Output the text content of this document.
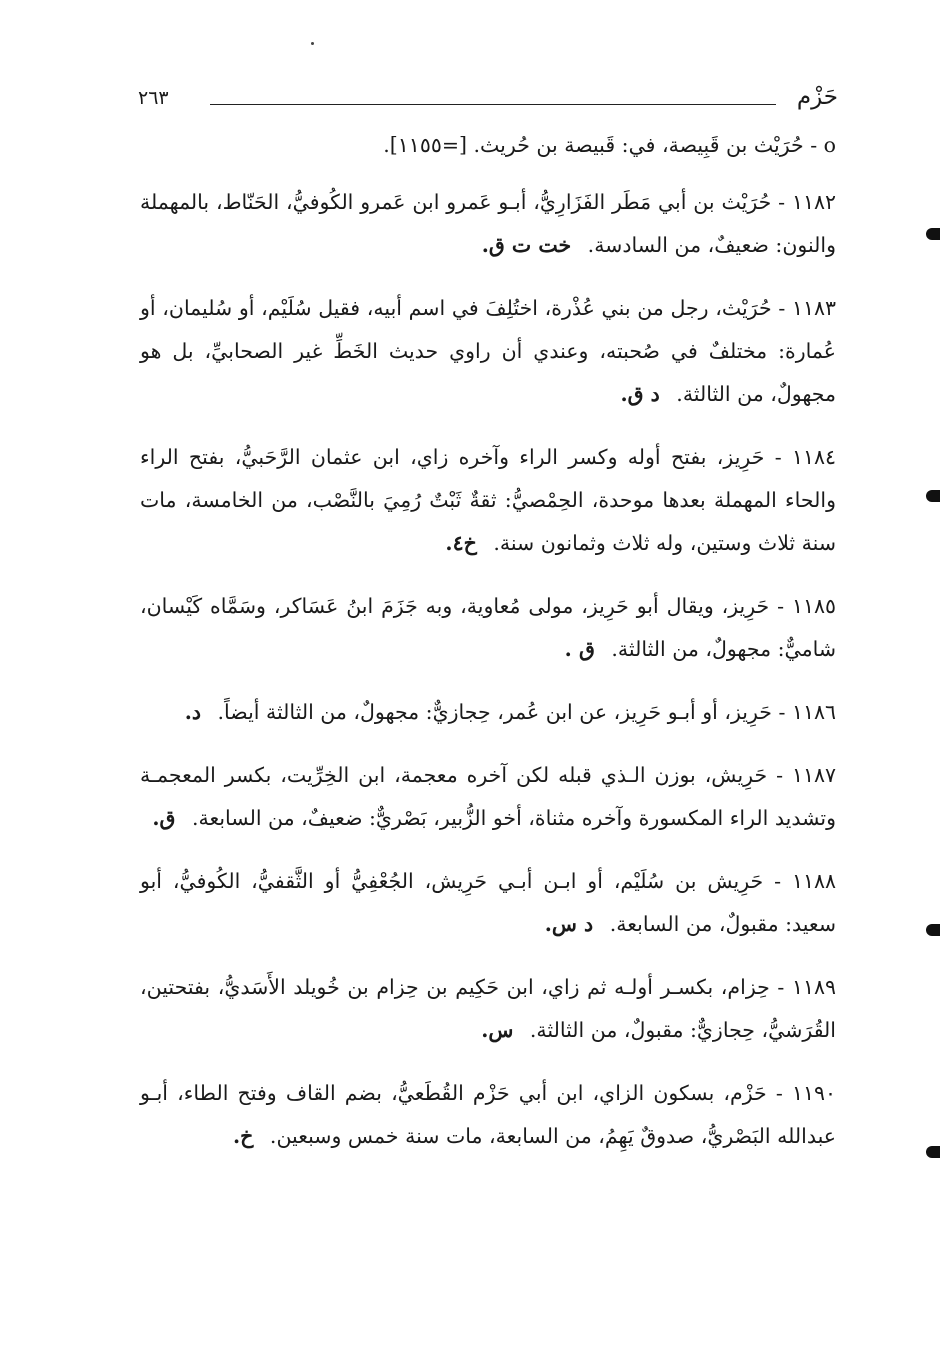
حَزْم
٢٦٣

ο - حُرَيْث بن قَبِيصة، في: قَبيصة بن حُريث. [=١١٥٥].

١١٨٢ - حُرَيْث بن أبي مَطَر الفَزَارِيُّ، أبـو عَمرو ابن عَمرو الكُوفيُّ، الحَنّاط، بالمهملة والنون: ضعيفٌ، من السادسة. خت ت ق.

١١٨٣ - حُرَيْث، رجل من بني عُذْرة، اختُلِفَ في اسم أبيه، فقيل سُلَيْم، أو سُليمان، أو عُمارة: مختلفٌ في صُحبته، وعندي أن راوي حديث الخَطِّ غير الصحابيِّ، بل هو مجهولٌ، من الثالثة. د ق.

١١٨٤ - حَرِيز، بفتح أوله وكسر الراء وآخره زاي، ابن عثمان الرَّحَبيُّ، بفتح الراء والحاء المهملة بعدها موحدة، الحِمْصيُّ: ثقةٌ ثَبْتٌ رُمِيَ بالنَّصْب، من الخامسة، مات سنة ثلاث وستين، وله ثلاث وثمانون سنة. خ٤.

١١٨٥ - حَرِيز، ويقال أبو حَرِيز، مولى مُعاوية، وبه جَزَمَ ابنُ عَسَاكر، وسَمَّاه كَيْسان، شاميٌّ: مجهولٌ، من الثالثة. ق .

١١٨٦ - حَرِيز، أو أبـو حَرِيز، عن ابن عُمر، حِجازيٌّ: مجهولٌ، من الثالثة أيضاً. د.

١١٨٧ - حَرِيش، بوزن الـذي قبله لكن آخره معجمة، ابن الخِرِّيت، بكسر المعجمـة وتشديد الراء المكسورة وآخره مثناة، أخو الزُّبير، بَصْريٌّ: ضعيفٌ، من السابعة. ق.

١١٨٨ - حَرِيش بن سُلَيْم، أو ابـن أبـي حَرِيش، الجُعْفِيُّ أو الثَّقفيُّ، الكُوفيُّ، أبو سعيد: مقبولٌ، من السابعة. د س.

١١٨٩ - حِزام، بكسـر أولـه ثم زاي، ابن حَكِيم بن حِزام بن خُويلد الأَسَديُّ، بفتحتين، القُرَشيُّ، حِجازيٌّ: مقبولٌ، من الثالثة. س.

١١٩٠ - حَزْم، بسكون الزاي، ابن أبي حَزْم القُطَعيُّ، بضم القاف وفتح الطاء، أبـو عبدالله البَصْريُّ، صدوقٌ يَهِمُ، من السابعة، مات سنة خمس وسبعين. خ.
